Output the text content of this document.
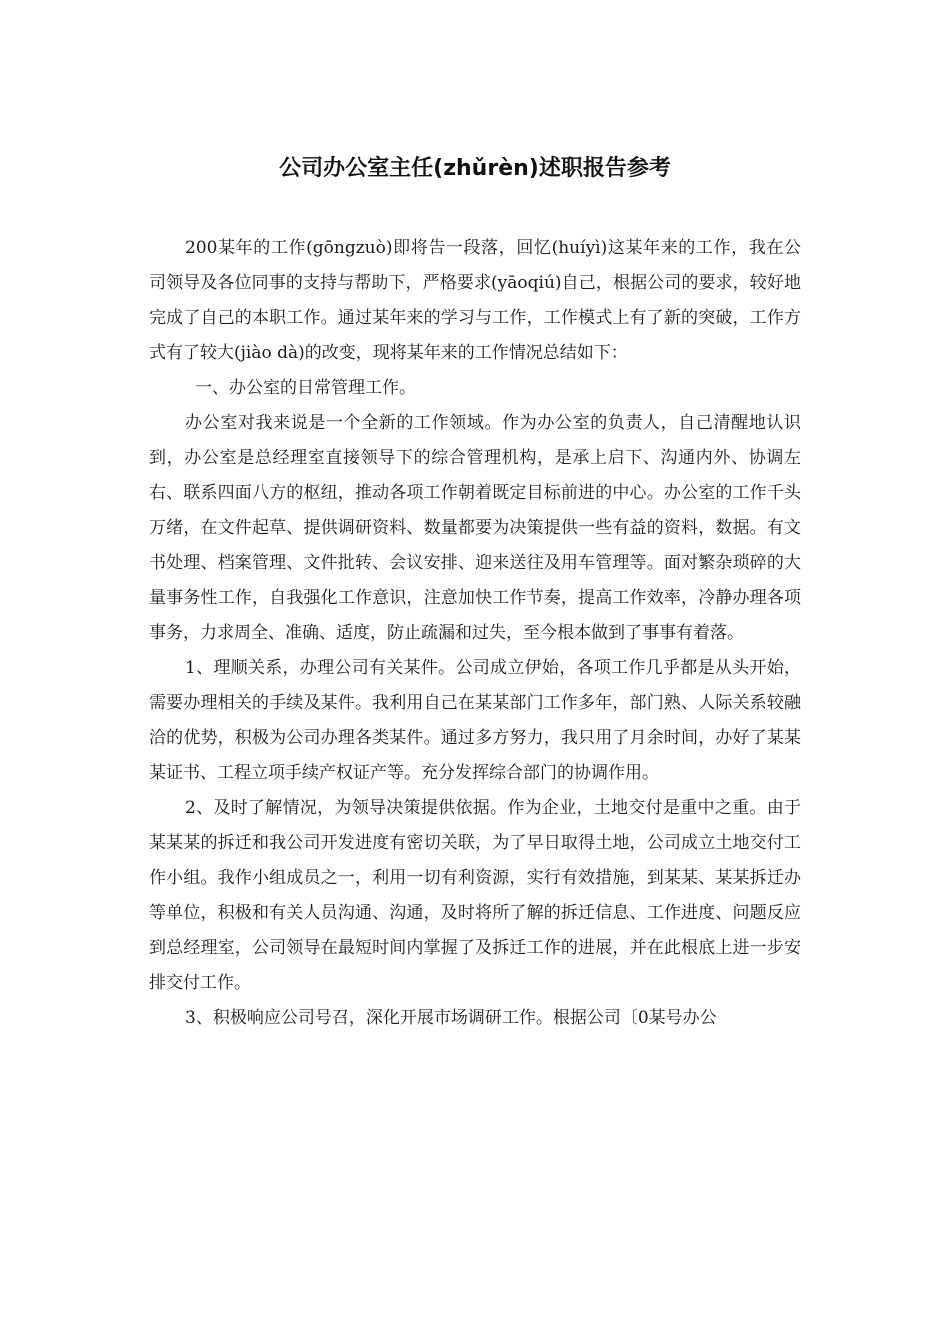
公司办公室主任(zhǔrèn)述职报告参考

200某年的工作(gōngzuò)即将告一段落，回忆(huíyì)这某年来的工作，我在公司领导及各位同事的支持与帮助下，严格要求(yāoqiú)自己，根据公司的要求，较好地完成了自己的本职工作。通过某年来的学习与工作，工作模式上有了新的突破，工作方式有了较大(jiào dà)的改变，现将某年来的工作情况总结如下：

一、办公室的日常管理工作。

办公室对我来说是一个全新的工作领域。作为办公室的负责人，自己清醒地认识到，办公室是总经理室直接领导下的综合管理机构，是承上启下、沟通内外、协调左右、联系四面八方的枢纽，推动各项工作朝着既定目标前进的中心。办公室的工作千头万绪，在文件起草、提供调研资料、数量都要为决策提供一些有益的资料，数据。有文书处理、档案管理、文件批转、会议安排、迎来送往及用车管理等。面对繁杂琐碎的大量事务性工作，自我强化工作意识，注意加快工作节奏，提高工作效率，冷静办理各项事务，力求周全、准确、适度，防止疏漏和过失，至今根本做到了事事有着落。

1、理顺关系，办理公司有关某件。公司成立伊始，各项工作几乎都是从头开始，需要办理相关的手续及某件。我利用自己在某某部门工作多年，部门熟、人际关系较融洽的优势，积极为公司办理各类某件。通过多方努力，我只用了月余时间，办好了某某某证书、工程立项手续产权证产等。充分发挥综合部门的协调作用。

2、及时了解情况，为领导决策提供依据。作为企业，土地交付是重中之重。由于某某某的拆迁和我公司开发进度有密切关联，为了早日取得土地，公司成立土地交付工作小组。我作小组成员之一，利用一切有利资源，实行有效措施，到某某、某某拆迁办等单位，积极和有关人员沟通、沟通，及时将所了解的拆迁信息、工作进度、问题反应到总经理室，公司领导在最短时间内掌握了及拆迁工作的进展，并在此根底上进一步安排交付工作。

3、积极响应公司号召，深化开展市场调研工作。根据公司〔0某号办公
